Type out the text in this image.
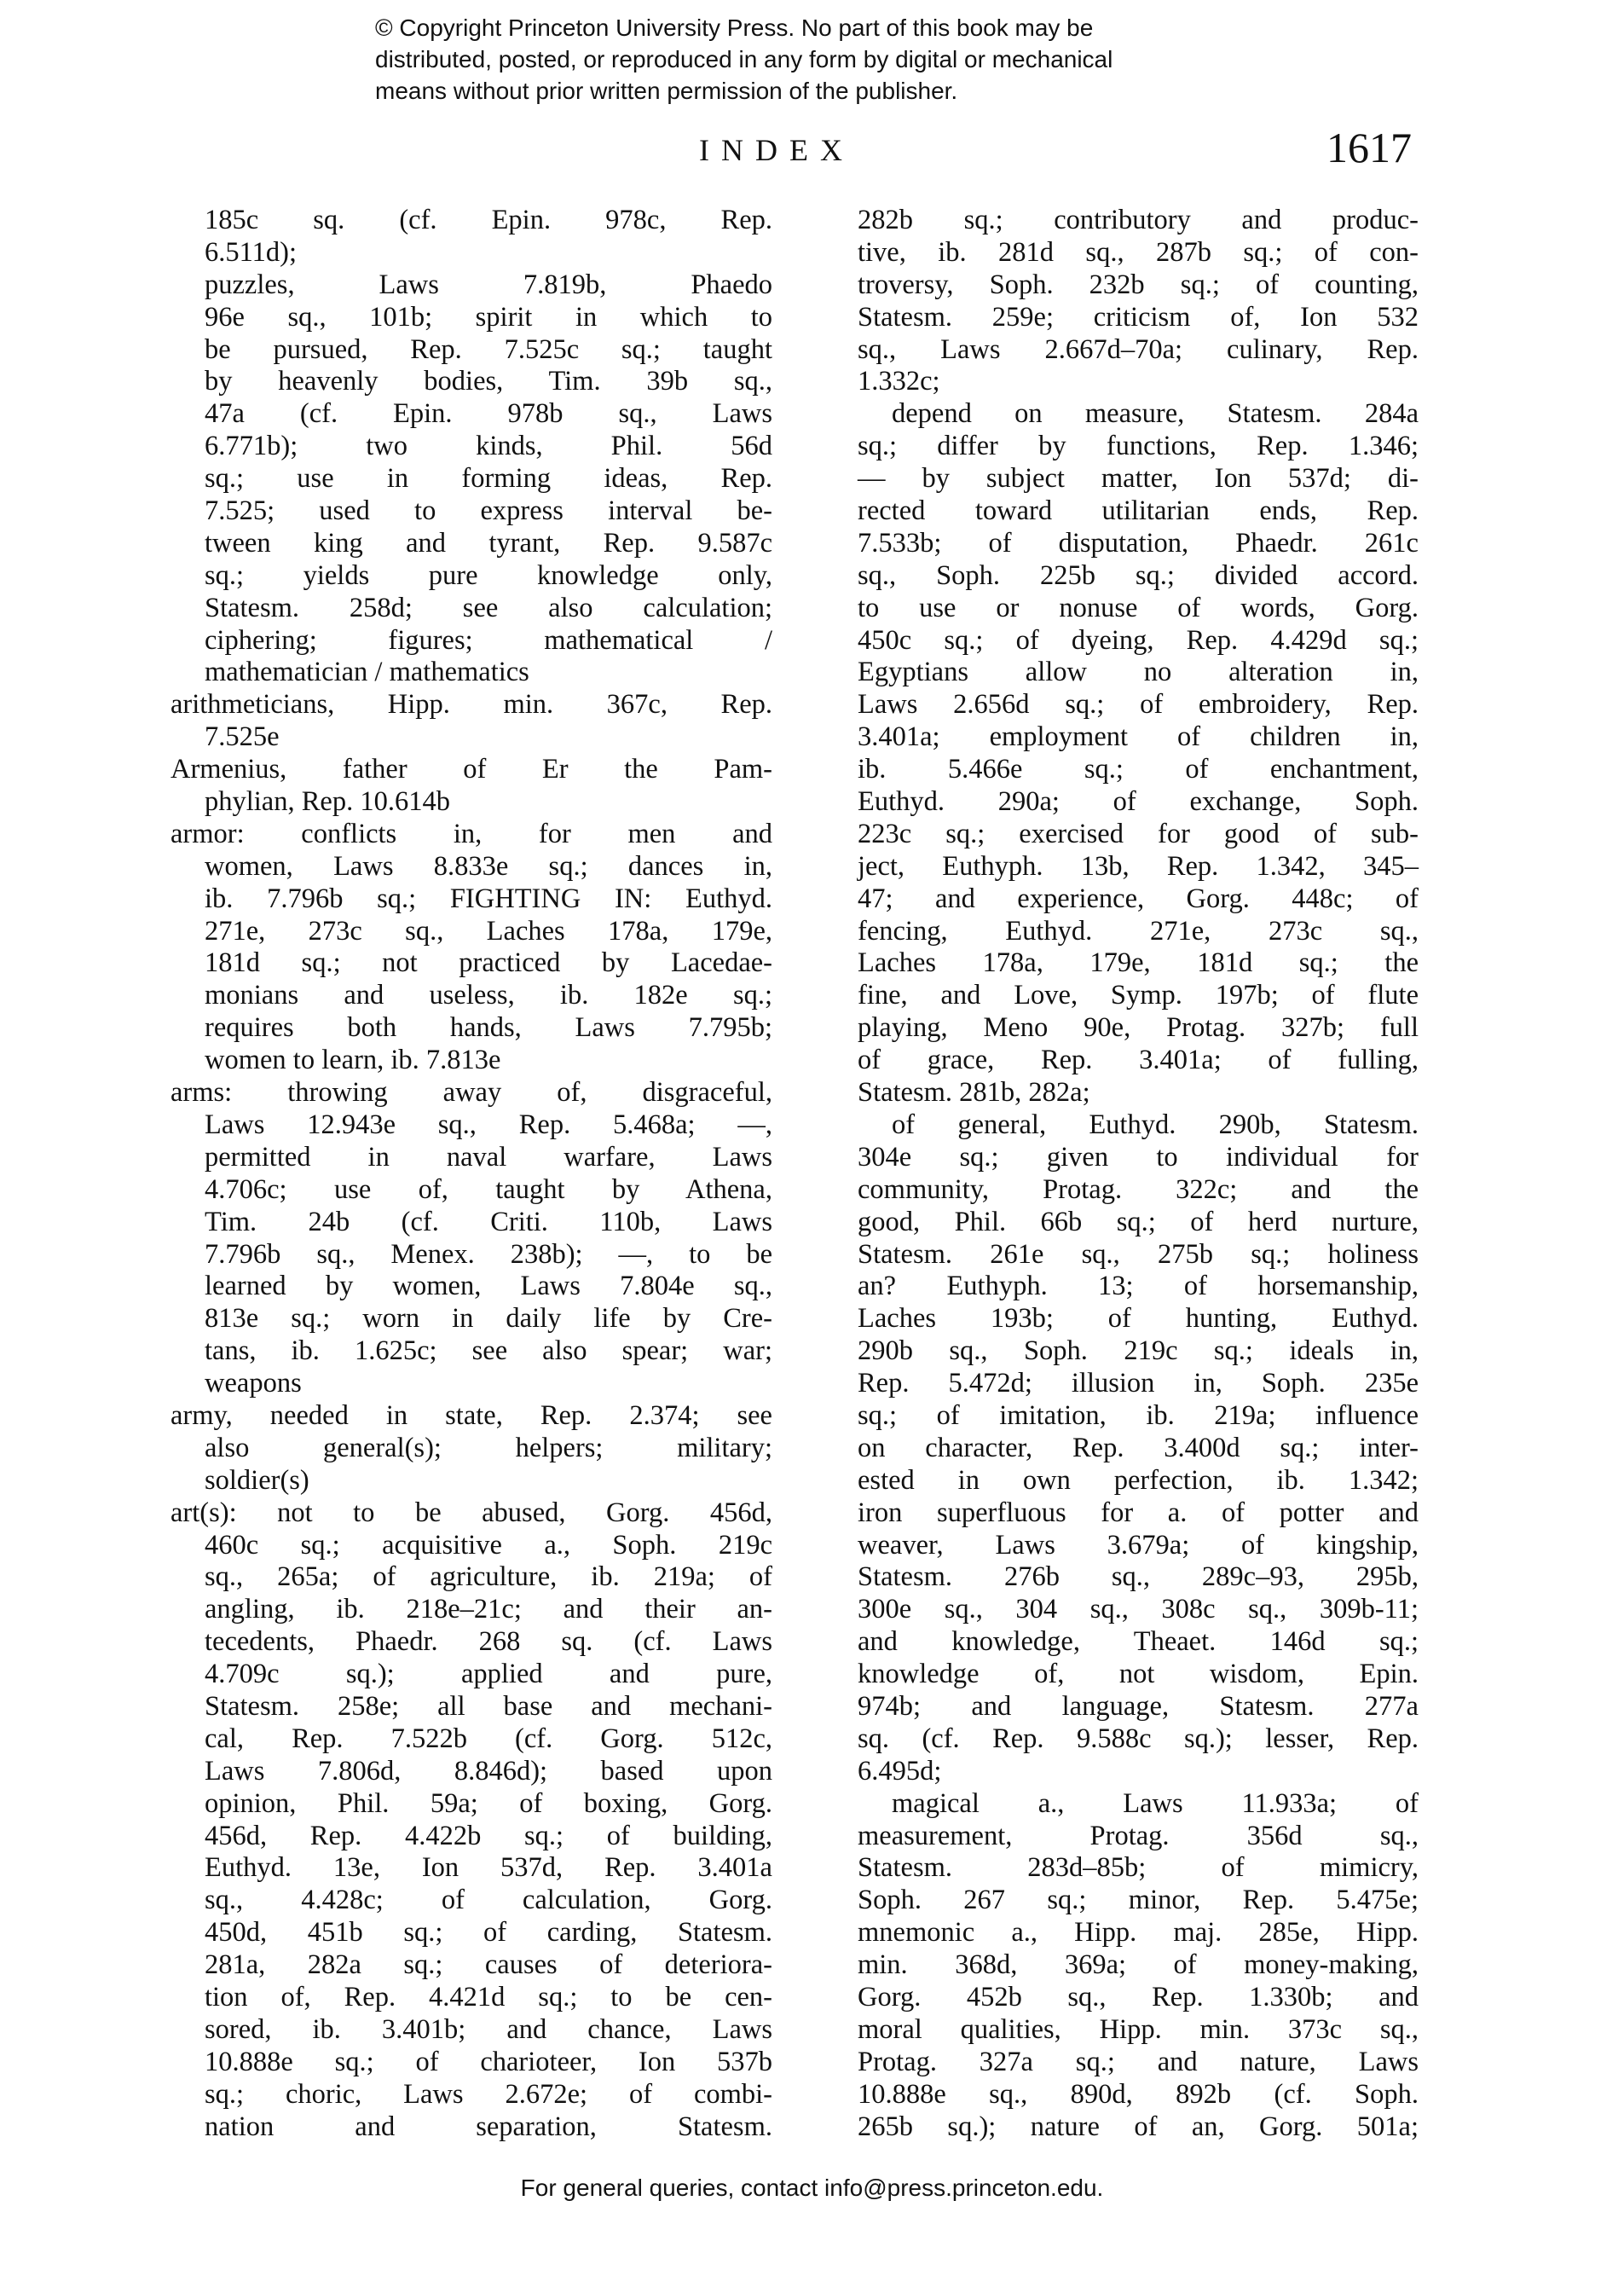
© Copyright Princeton University Press. No part of this book may be
distributed, posted, or reproduced in any form by digital or mechanical
means without prior written permission of the publisher.
INDEX	1617
185c sq. (cf. Epin. 978c, Rep.
6.511d);
puzzles, Laws 7.819b, Phaedo
96e sq., 101b; spirit in which to
be pursued, Rep. 7.525c sq.; taught
by heavenly bodies, Tim. 39b sq.,
47a (cf. Epin. 978b sq., Laws
6.771b); two kinds, Phil. 56d
sq.; use in forming ideas, Rep.
7.525; used to express interval be-
tween king and tyrant, Rep. 9.587c
sq.; yields pure knowledge only,
Statesm. 258d; see also calculation;
ciphering; figures; mathematical /
mathematician / mathematics
arithmeticians, Hipp. min. 367c, Rep.
7.525e
Armenius, father of Er the Pam-
phylian, Rep. 10.614b
armor: conflicts in, for men and
women, Laws 8.833e sq.; dances in,
ib. 7.796b sq.; FIGHTING IN: Euthyd.
271e, 273c sq., Laches 178a, 179e,
181d sq.; not practiced by Lacedae-
monians and useless, ib. 182e sq.;
requires both hands, Laws 7.795b;
women to learn, ib. 7.813e
arms: throwing away of, disgraceful,
Laws 12.943e sq., Rep. 5.468a; —,
permitted in naval warfare, Laws
4.706c; use of, taught by Athena,
Tim. 24b (cf. Criti. 110b, Laws
7.796b sq., Menex. 238b); —, to be
learned by women, Laws 7.804e sq.,
813e sq.; worn in daily life by Cre-
tans, ib. 1.625c; see also spear; war;
weapons
army, needed in state, Rep. 2.374; see
also general(s); helpers; military;
soldier(s)
art(s): not to be abused, Gorg. 456d,
460c sq.; acquisitive a., Soph. 219c
sq., 265a; of agriculture, ib. 219a; of
angling, ib. 218e–21c; and their an-
tecedents, Phaedr. 268 sq. (cf. Laws
4.709c sq.); applied and pure,
Statesm. 258e; all base and mechani-
cal, Rep. 7.522b (cf. Gorg. 512c,
Laws 7.806d, 8.846d); based upon
opinion, Phil. 59a; of boxing, Gorg.
456d, Rep. 4.422b sq.; of building,
Euthyd. 13e, Ion 537d, Rep. 3.401a
sq., 4.428c; of calculation, Gorg.
450d, 451b sq.; of carding, Statesm.
281a, 282a sq.; causes of deteriora-
tion of, Rep. 4.421d sq.; to be cen-
sored, ib. 3.401b; and chance, Laws
10.888e sq.; of charioteer, Ion 537b
sq.; choric, Laws 2.672e; of combi-
nation and separation, Statesm.
282b sq.; contributory and produc-
tive, ib. 281d sq., 287b sq.; of con-
troversy, Soph. 232b sq.; of counting,
Statesm. 259e; criticism of, Ion 532
sq., Laws 2.667d–70a; culinary, Rep.
1.332c;
depend on measure, Statesm. 284a
sq.; differ by functions, Rep. 1.346;
— by subject matter, Ion 537d; di-
rected toward utilitarian ends, Rep.
7.533b; of disputation, Phaedr. 261c
sq., Soph. 225b sq.; divided accord.
to use or nonuse of words, Gorg.
450c sq.; of dyeing, Rep. 4.429d sq.;
Egyptians allow no alteration in,
Laws 2.656d sq.; of embroidery, Rep.
3.401a; employment of children in,
ib. 5.466e sq.; of enchantment,
Euthyd. 290a; of exchange, Soph.
223c sq.; exercised for good of sub-
ject, Euthyph. 13b, Rep. 1.342, 345–
47; and experience, Gorg. 448c; of
fencing, Euthyd. 271e, 273c sq.,
Laches 178a, 179e, 181d sq.; the
fine, and Love, Symp. 197b; of flute
playing, Meno 90e, Protag. 327b; full
of grace, Rep. 3.401a; of fulling,
Statesm. 281b, 282a;
of general, Euthyd. 290b, Statesm.
304e sq.; given to individual for
community, Protag. 322c; and the
good, Phil. 66b sq.; of herd nurture,
Statesm. 261e sq., 275b sq.; holiness
an? Euthyph. 13; of horsemanship,
Laches 193b; of hunting, Euthyd.
290b sq., Soph. 219c sq.; ideals in,
Rep. 5.472d; illusion in, Soph. 235e
sq.; of imitation, ib. 219a; influence
on character, Rep. 3.400d sq.; inter-
ested in own perfection, ib. 1.342;
iron superfluous for a. of potter and
weaver, Laws 3.679a; of kingship,
Statesm. 276b sq., 289c–93, 295b,
300e sq., 304 sq., 308c sq., 309b-11;
and knowledge, Theaet. 146d sq.;
knowledge of, not wisdom, Epin.
974b; and language, Statesm. 277a
sq. (cf. Rep. 9.588c sq.); lesser, Rep.
6.495d;
magical a., Laws 11.933a; of
measurement, Protag. 356d sq.,
Statesm. 283d–85b; of mimicry,
Soph. 267 sq.; minor, Rep. 5.475e;
mnemonic a., Hipp. maj. 285e, Hipp.
min. 368d, 369a; of money-making,
Gorg. 452b sq., Rep. 1.330b; and
moral qualities, Hipp. min. 373c sq.,
Protag. 327a sq.; and nature, Laws
10.888e sq., 890d, 892b (cf. Soph.
265b sq.); nature of an, Gorg. 501a;
For general queries, contact info@press.princeton.edu.
